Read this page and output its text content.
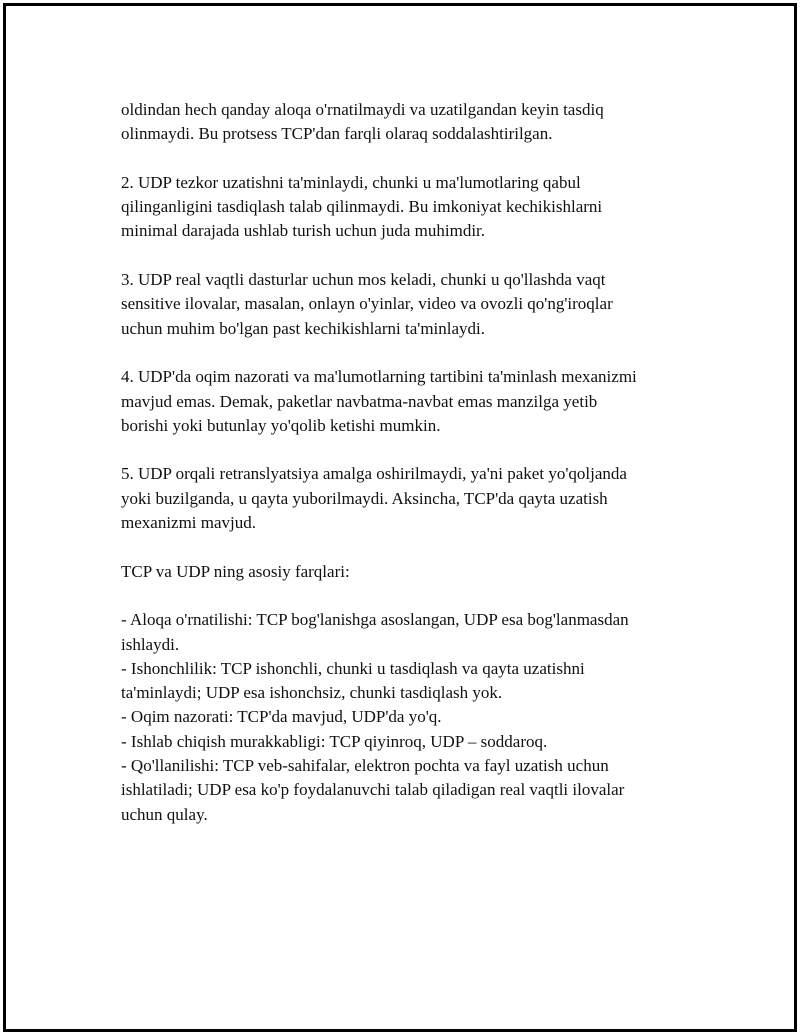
oldindan hech qanday aloqa o'rnatilmaydi va uzatilgandan keyin tasdiq
olinmaydi. Bu protsess TCP'dan farqli olaraq soddalashtirilgan.

2. UDP tezkor uzatishni ta'minlaydi, chunki u ma'lumotlaring qabul
qilinganligini tasdiqlash talab qilinmaydi. Bu imkoniyat kechikishlarni
minimal darajada ushlab turish uchun juda muhimdir.

3. UDP real vaqtli dasturlar uchun mos keladi, chunki u qo'llashda vaqt
sensitive ilovalar, masalan, onlayn o'yinlar, video va ovozli qo'ng'iroqlar
uchun muhim bo'lgan past kechikishlarni ta'minlaydi.

4. UDP'da oqim nazorati va ma'lumotlarning tartibini ta'minlash mexanizmi
mavjud emas. Demak, paketlar navbatma-navbat emas manzilga yetib
borishi yoki butunlay yo'qolib ketishi mumkin.

5. UDP orqali retranslyatsiya amalga oshirilmaydi, ya'ni paket yo'qoljanda
yoki buzilganda, u qayta yuborilmaydi. Aksincha, TCP'da qayta uzatish
mexanizmi mavjud.

TCP va UDP ning asosiy farqlari:

- Aloqa o'rnatilishi: TCP bog'lanishga asoslangan, UDP esa bog'lanmasdan
ishlaydi.
- Ishonchlilik: TCP ishonchli, chunki u tasdiqlash va qayta uzatishni
ta'minlaydi; UDP esa ishonchsiz, chunki tasdiqlash yok.
- Oqim nazorati: TCP'da mavjud, UDP'da yo'q.
- Ishlab chiqish murakkabligi: TCP qiyinroq, UDP – soddaroq.
- Qo'llanilishi: TCP veb-sahifalar, elektron pochta va fayl uzatish uchun
ishlatiladi; UDP esa ko'p foydalanuvchi talab qiladigan real vaqtli ilovalar
uchun qulay.
